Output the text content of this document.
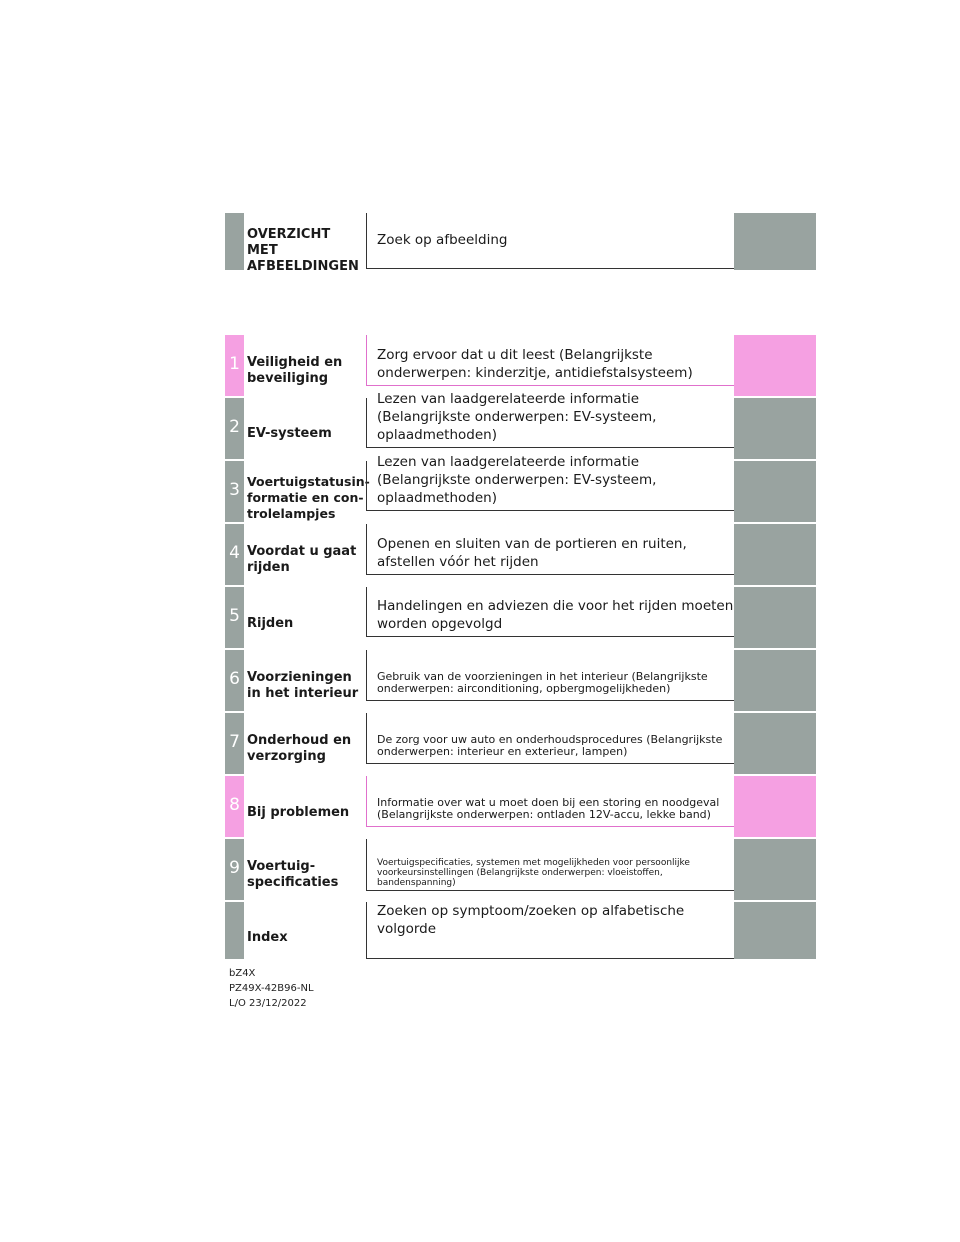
OVERZICHT MET AFBEELDINGEN
Zoek op afbeelding
1 Veiligheid en beveiliging
Zorg ervoor dat u dit leest (Belangrijkste onderwerpen: kinderzitje, antidiefstalsysteem)
2 EV-systeem
Lezen van laadgerelateerde informatie (Belangrijkste onderwerpen: EV-systeem, oplaadmethoden)
3 Voertuigstatusin-formatie en con-trolelampjes
Lezen van laadgerelateerde informatie (Belangrijkste onderwerpen: EV-systeem, oplaadmethoden)
4 Voordat u gaat rijden
Openen en sluiten van de portieren en ruiten, afstellen vóór het rijden
5 Rijden
Handelingen en adviezen die voor het rijden moeten worden opgevolgd
6 Voorzieningen in het interieur
Gebruik van de voorzieningen in het interieur (Belangrijkste onderwerpen: airconditioning, opbergmogelijkheden)
7 Onderhoud en verzorging
De zorg voor uw auto en onderhoudsprocedures (Belangrijkste onderwerpen: interieur en exterieur, lampen)
8 Bij problemen
Informatie over wat u moet doen bij een storing en noodgeval (Belangrijkste onderwerpen: ontladen 12V-accu, lekke band)
9 Voertuig-specificaties
Voertuigspecificaties, systemen met mogelijkheden voor persoonlijke voorkeursinstellingen (Belangrijkste onderwerpen: vloeistoffen, bandenspanning)
Index
Zoeken op symptoom/zoeken op alfabetische volgorde
bZ4X
PZ49X-42B96-NL
L/O 23/12/2022
